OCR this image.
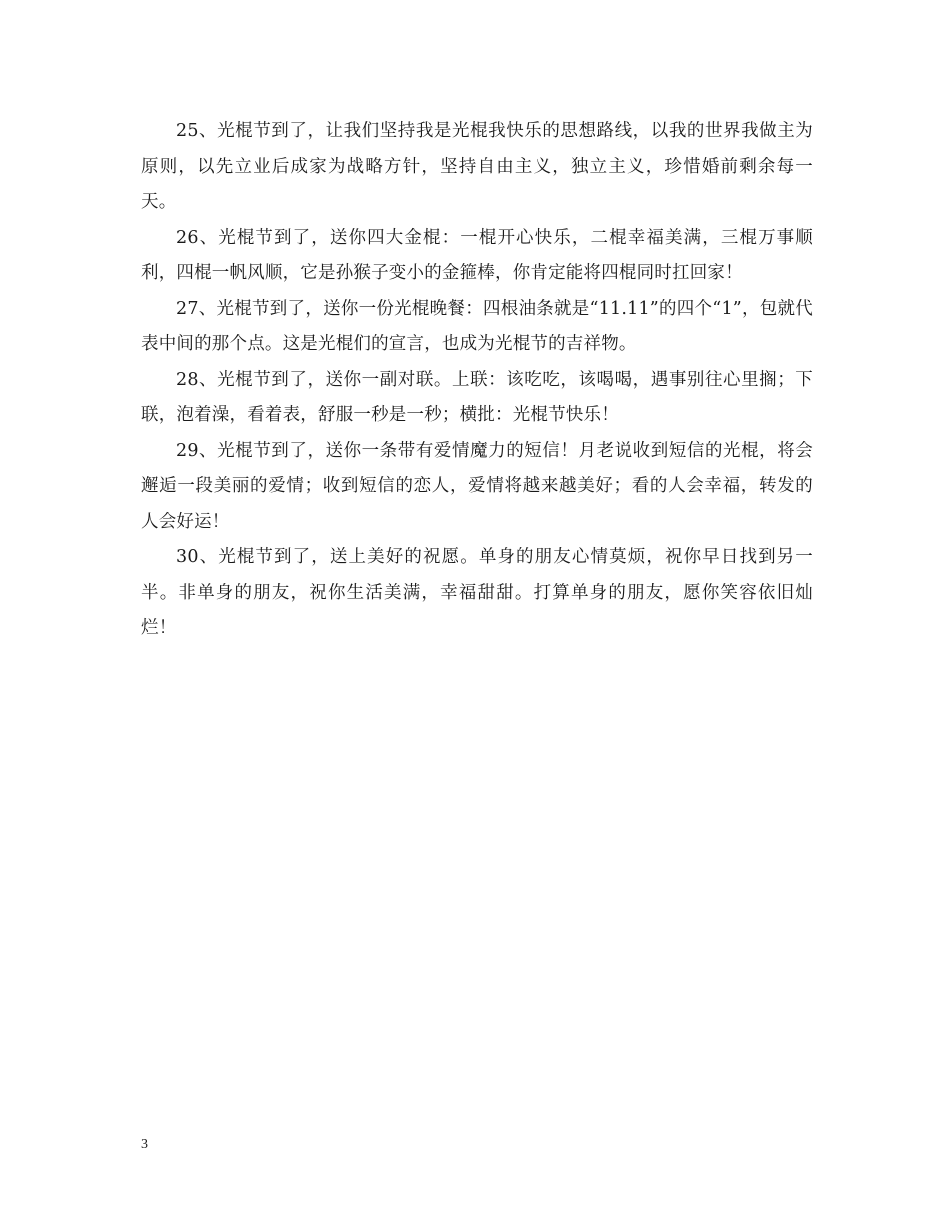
25、光棍节到了，让我们坚持我是光棍我快乐的思想路线，以我的世界我做主为原则，以先立业后成家为战略方针，坚持自由主义，独立主义，珍惜婚前剩余每一天。

26、光棍节到了，送你四大金棍：一棍开心快乐，二棍幸福美满，三棍万事顺利，四棍一帆风顺，它是孙猴子变小的金箍棒，你肯定能将四棍同时扛回家！

27、光棍节到了，送你一份光棍晚餐：四根油条就是“11.11”的四个“1”，包就代表中间的那个点。这是光棍们的宣言，也成为光棍节的吉祥物。

28、光棍节到了，送你一副对联。上联：该吃吃，该喝喝，遇事别往心里搁；下联，泡着澡，看着表，舒服一秒是一秒；横批：光棍节快乐！

29、光棍节到了，送你一条带有爱情魔力的短信！月老说收到短信的光棍，将会邂逅一段美丽的爱情；收到短信的恋人，爱情将越来越美好；看的人会幸福，转发的人会好运！

30、光棍节到了，送上美好的祝愿。单身的朋友心情莫烦，祝你早日找到另一半。非单身的朋友，祝你生活美满，幸福甜甜。打算单身的朋友，愿你笑容依旧灿烂！

3
